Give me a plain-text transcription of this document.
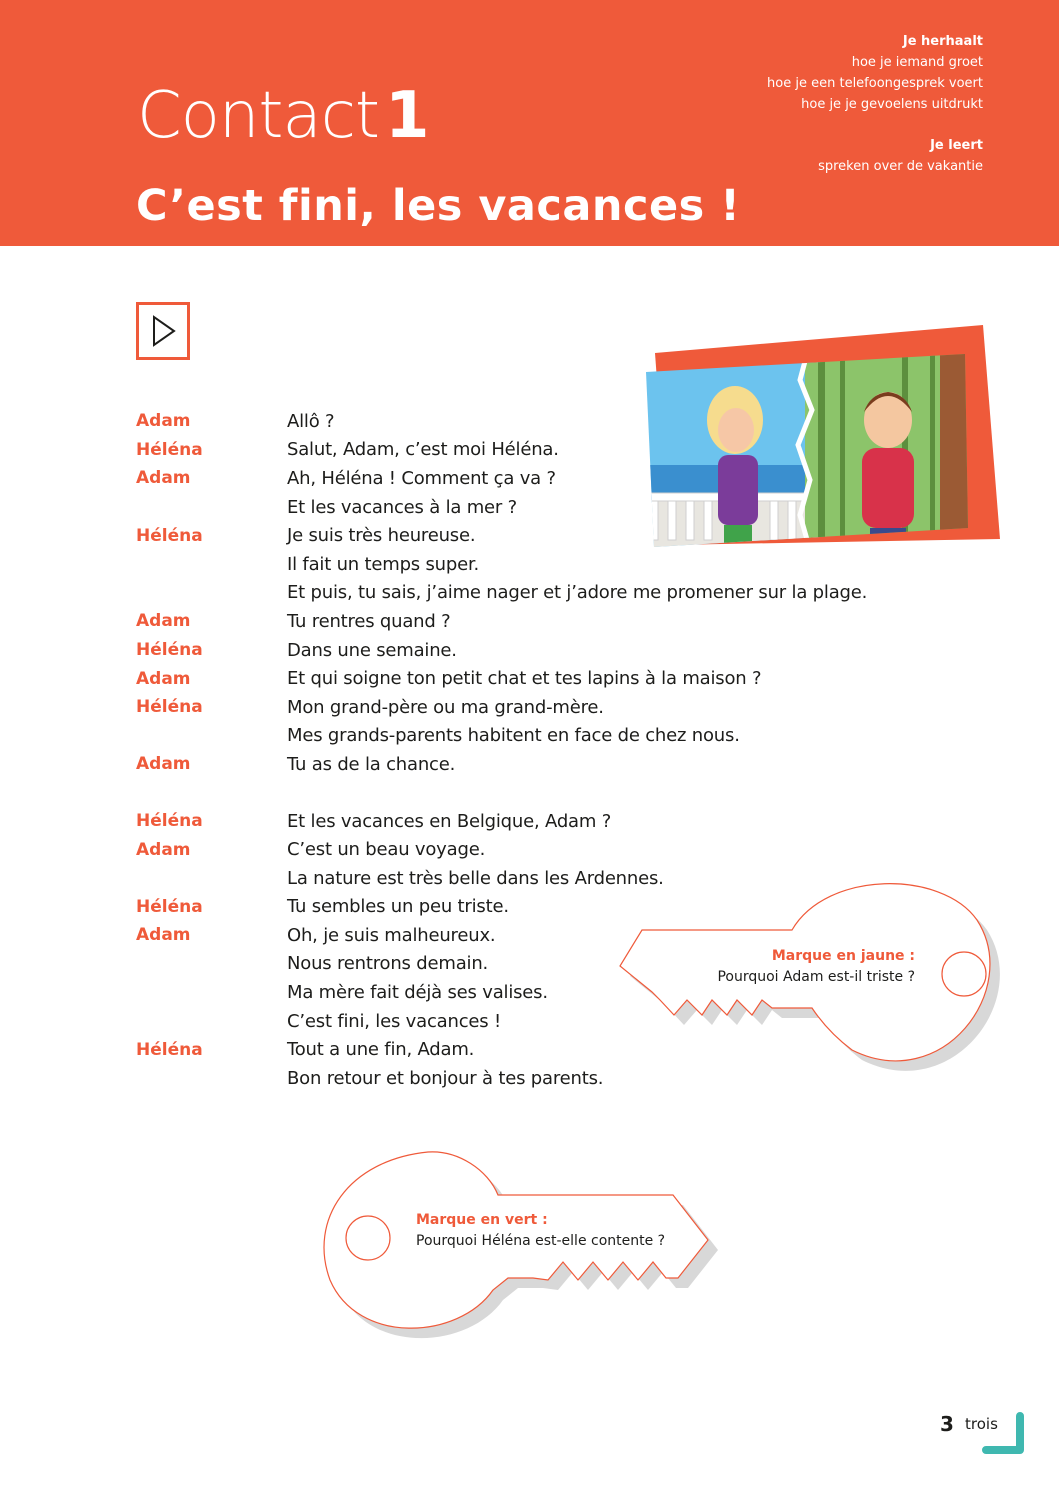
Contact1
C’est fini, les vacances !
Je herhaalt
hoe je iemand groet
hoe je een telefoongesprek voert
hoe je je gevoelens uitdrukt
Je leert
spreken over de vakantie
Adam	Allô ?
Héléna	Salut, Adam, c’est moi Héléna.
Adam	Ah, Héléna ! Comment ça va ?
Et les vacances à la mer ?
Héléna	Je suis très heureuse.
Il fait un temps super.
Et puis, tu sais, j’aime nager et j’adore me promener sur la plage.
Adam	Tu rentres quand ?
Héléna	Dans une semaine.
Adam	Et qui soigne ton petit chat et tes lapins à la maison ?
Héléna	Mon grand-père ou ma grand-mère.
Mes grands-parents habitent en face de chez nous.
Adam	Tu as de la chance.
Héléna	Et les vacances en Belgique, Adam ?
Adam	C’est un beau voyage.
La nature est très belle dans les Ardennes.
Héléna	Tu sembles un peu triste.
Adam	Oh, je suis malheureux.
Nous rentrons demain.
Ma mère fait déjà ses valises.
C’est fini, les vacances !
Héléna	Tout a une fin, Adam.
Bon retour et bonjour à tes parents.
Marque en jaune :
Pourquoi Adam est-il triste ?
Marque en vert :
Pourquoi Héléna est-elle contente ?
3 trois
